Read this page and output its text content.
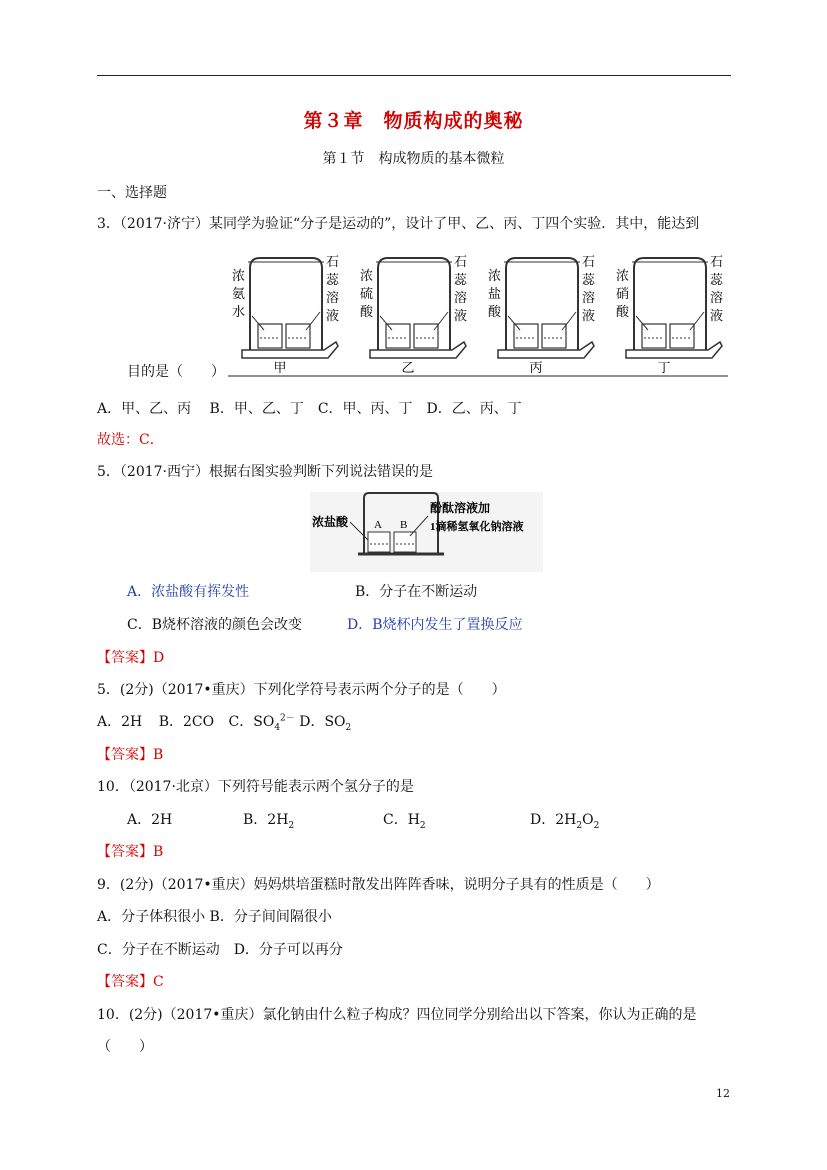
第３章　物质构成的奥秘
第１节　构成物质的基本微粒
一、选择题
3．（2017·济宁）某同学为验证“分子是运动的”，设计了甲、乙、丙、丁四个实验．其中，能达到
浓
氨
水
石
蕊
溶
液
甲
浓
硫
酸
石
蕊
溶
液
乙
浓
盐
酸
石
蕊
溶
液
丙
浓
硝
酸
石
蕊
溶
液
丁
目的是（　　）
A．甲、乙、丙　 B．甲、乙、丁　C．甲、丙、丁　D．乙、丙、丁
故选：C．
5．（2017·西宁）根据右图实验判断下列说法错误的是
浓盐酸 A B
酚酞溶液加
1滴稀氢氧化钠溶液
A．浓盐酸有挥发性	B．分子在不断运动
C．B烧杯溶液的颜色会改变	D．B烧杯内发生了置换反应
【答案】D
5．(2分)（2017•重庆）下列化学符号表示两个分子的是（　　）
A．2H B．2CO C．$SO_4^{2-}$ D．$SO_2$
【答案】B
10．（2017·北京）下列符号能表示两个氢分子的是
A．2H	B．$2H_2$	C．$H_2$	D．$2H_2O_2$
【答案】B
9．(2分)（2017•重庆）妈妈烘培蛋糕时散发出阵阵香味，说明分子具有的性质是（　　）
A．分子体积很小 B．分子间间隔很小
C．分子在不断运动　D．分子可以再分
【答案】C
10．(2分)（2017•重庆）氯化钠由什么粒子构成？四位同学分别给出以下答案，你认为正确的是
（　　）
12
